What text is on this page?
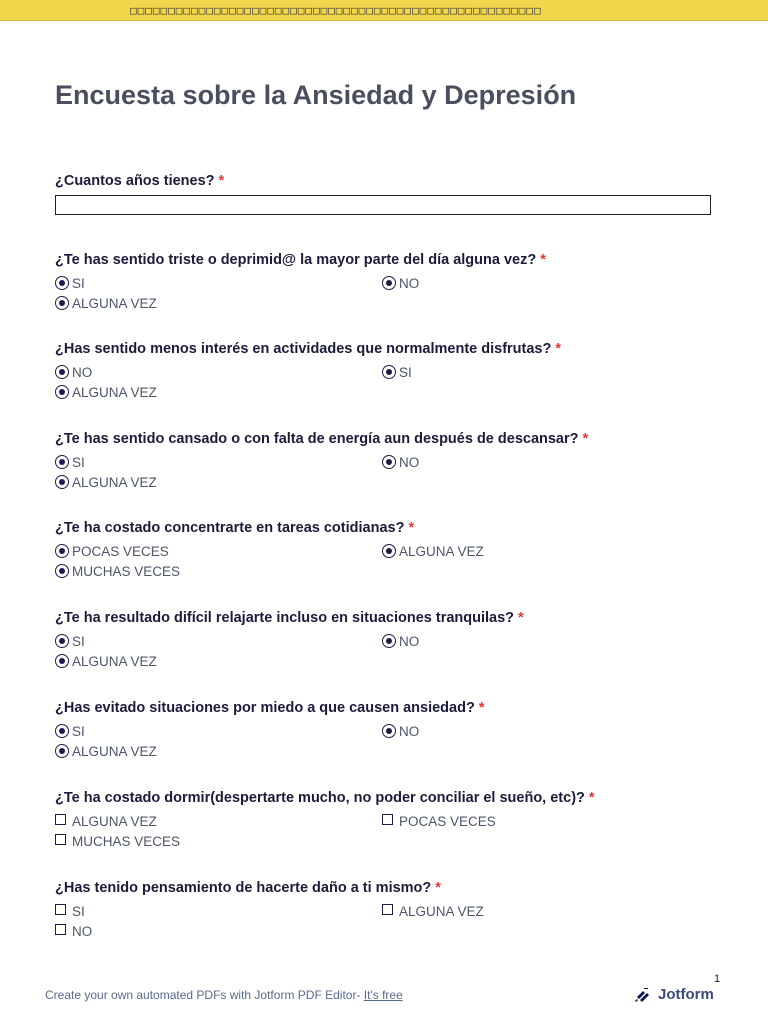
□□□□□□□□□□□□□□□□□□□□□□□□□□□□□□□□□□□□□□□□□□□□□□□□□□□□□□
Encuesta sobre la Ansiedad y Depresión
¿Cuantos años tienes? *
¿Te has sentido triste o deprimid@ la mayor parte del día alguna vez? *
SI	NO
ALGUNA VEZ
¿Has sentido menos interés en actividades que normalmente disfrutas? *
NO	SI
ALGUNA VEZ
¿Te has sentido cansado o con falta de energía aun después de descansar? *
SI	NO
ALGUNA VEZ
¿Te ha costado concentrarte en tareas cotidianas? *
POCAS VECES	ALGUNA VEZ
MUCHAS VECES
¿Te ha resultado difícil relajarte incluso en situaciones tranquilas? *
SI	NO
ALGUNA VEZ
¿Has evitado situaciones por miedo a que causen ansiedad? *
SI	NO
ALGUNA VEZ
¿Te ha costado dormir(despertarte mucho, no poder conciliar el sueño, etc)? *
ALGUNA VEZ	POCAS VECES
MUCHAS VECES
¿Has tenido pensamiento de hacerte daño a ti mismo? *
SI	ALGUNA VEZ
NO
1
Create your own automated PDFs with Jotform PDF Editor- It's free	Jotform
